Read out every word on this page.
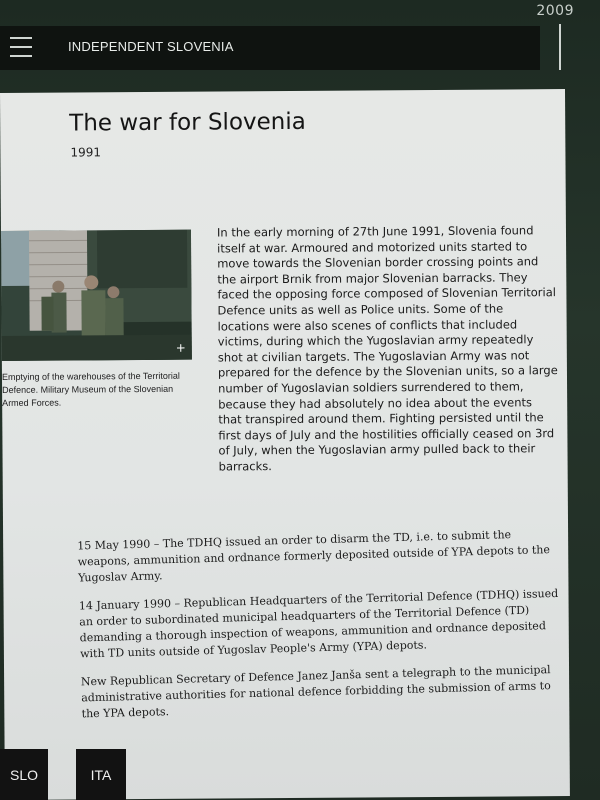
2009
INDEPENDENT SLOVENIA
The war for Slovenia
1991
+
Emptying of the warehouses of the Territorial Defence. Military Museum of the Slovenian Armed Forces.

In the early morning of 27th June 1991, Slovenia found itself at war. Armoured and motorized units started to move towards the Slovenian border crossing points and the airport Brnik from major Slovenian barracks. They faced the opposing force composed of Slovenian Territorial Defence units as well as Police units. Some of the locations were also scenes of conflicts that included victims, during which the Yugoslavian army repeatedly shot at civilian targets. The Yugoslavian Army was not prepared for the defence by the Slovenian units, so a large number of Yugoslavian soldiers surrendered to them, because they had absolutely no idea about the events that transpired around them. Fighting persisted until the first days of July and the hostilities officially ceased on 3rd of July, when the Yugoslavian army pulled back to their barracks.

15 May 1990 – The TDHQ issued an order to disarm the TD, i.e. to submit the weapons, ammunition and ordnance formerly deposited outside of YPA depots to the Yugoslav Army.

14 January 1990 – Republican Headquarters of the Territorial Defence (TDHQ) issued an order to subordinated municipal headquarters of the Territorial Defence (TD) demanding a thorough inspection of weapons, ammunition and ordnance deposited with TD units outside of Yugoslav People's Army (YPA) depots.

New Republican Secretary of Defence Janez Janša sent a telegraph to the municipal administrative authorities for national defence forbidding the submission of arms to the YPA depots.

SLO	ITA
